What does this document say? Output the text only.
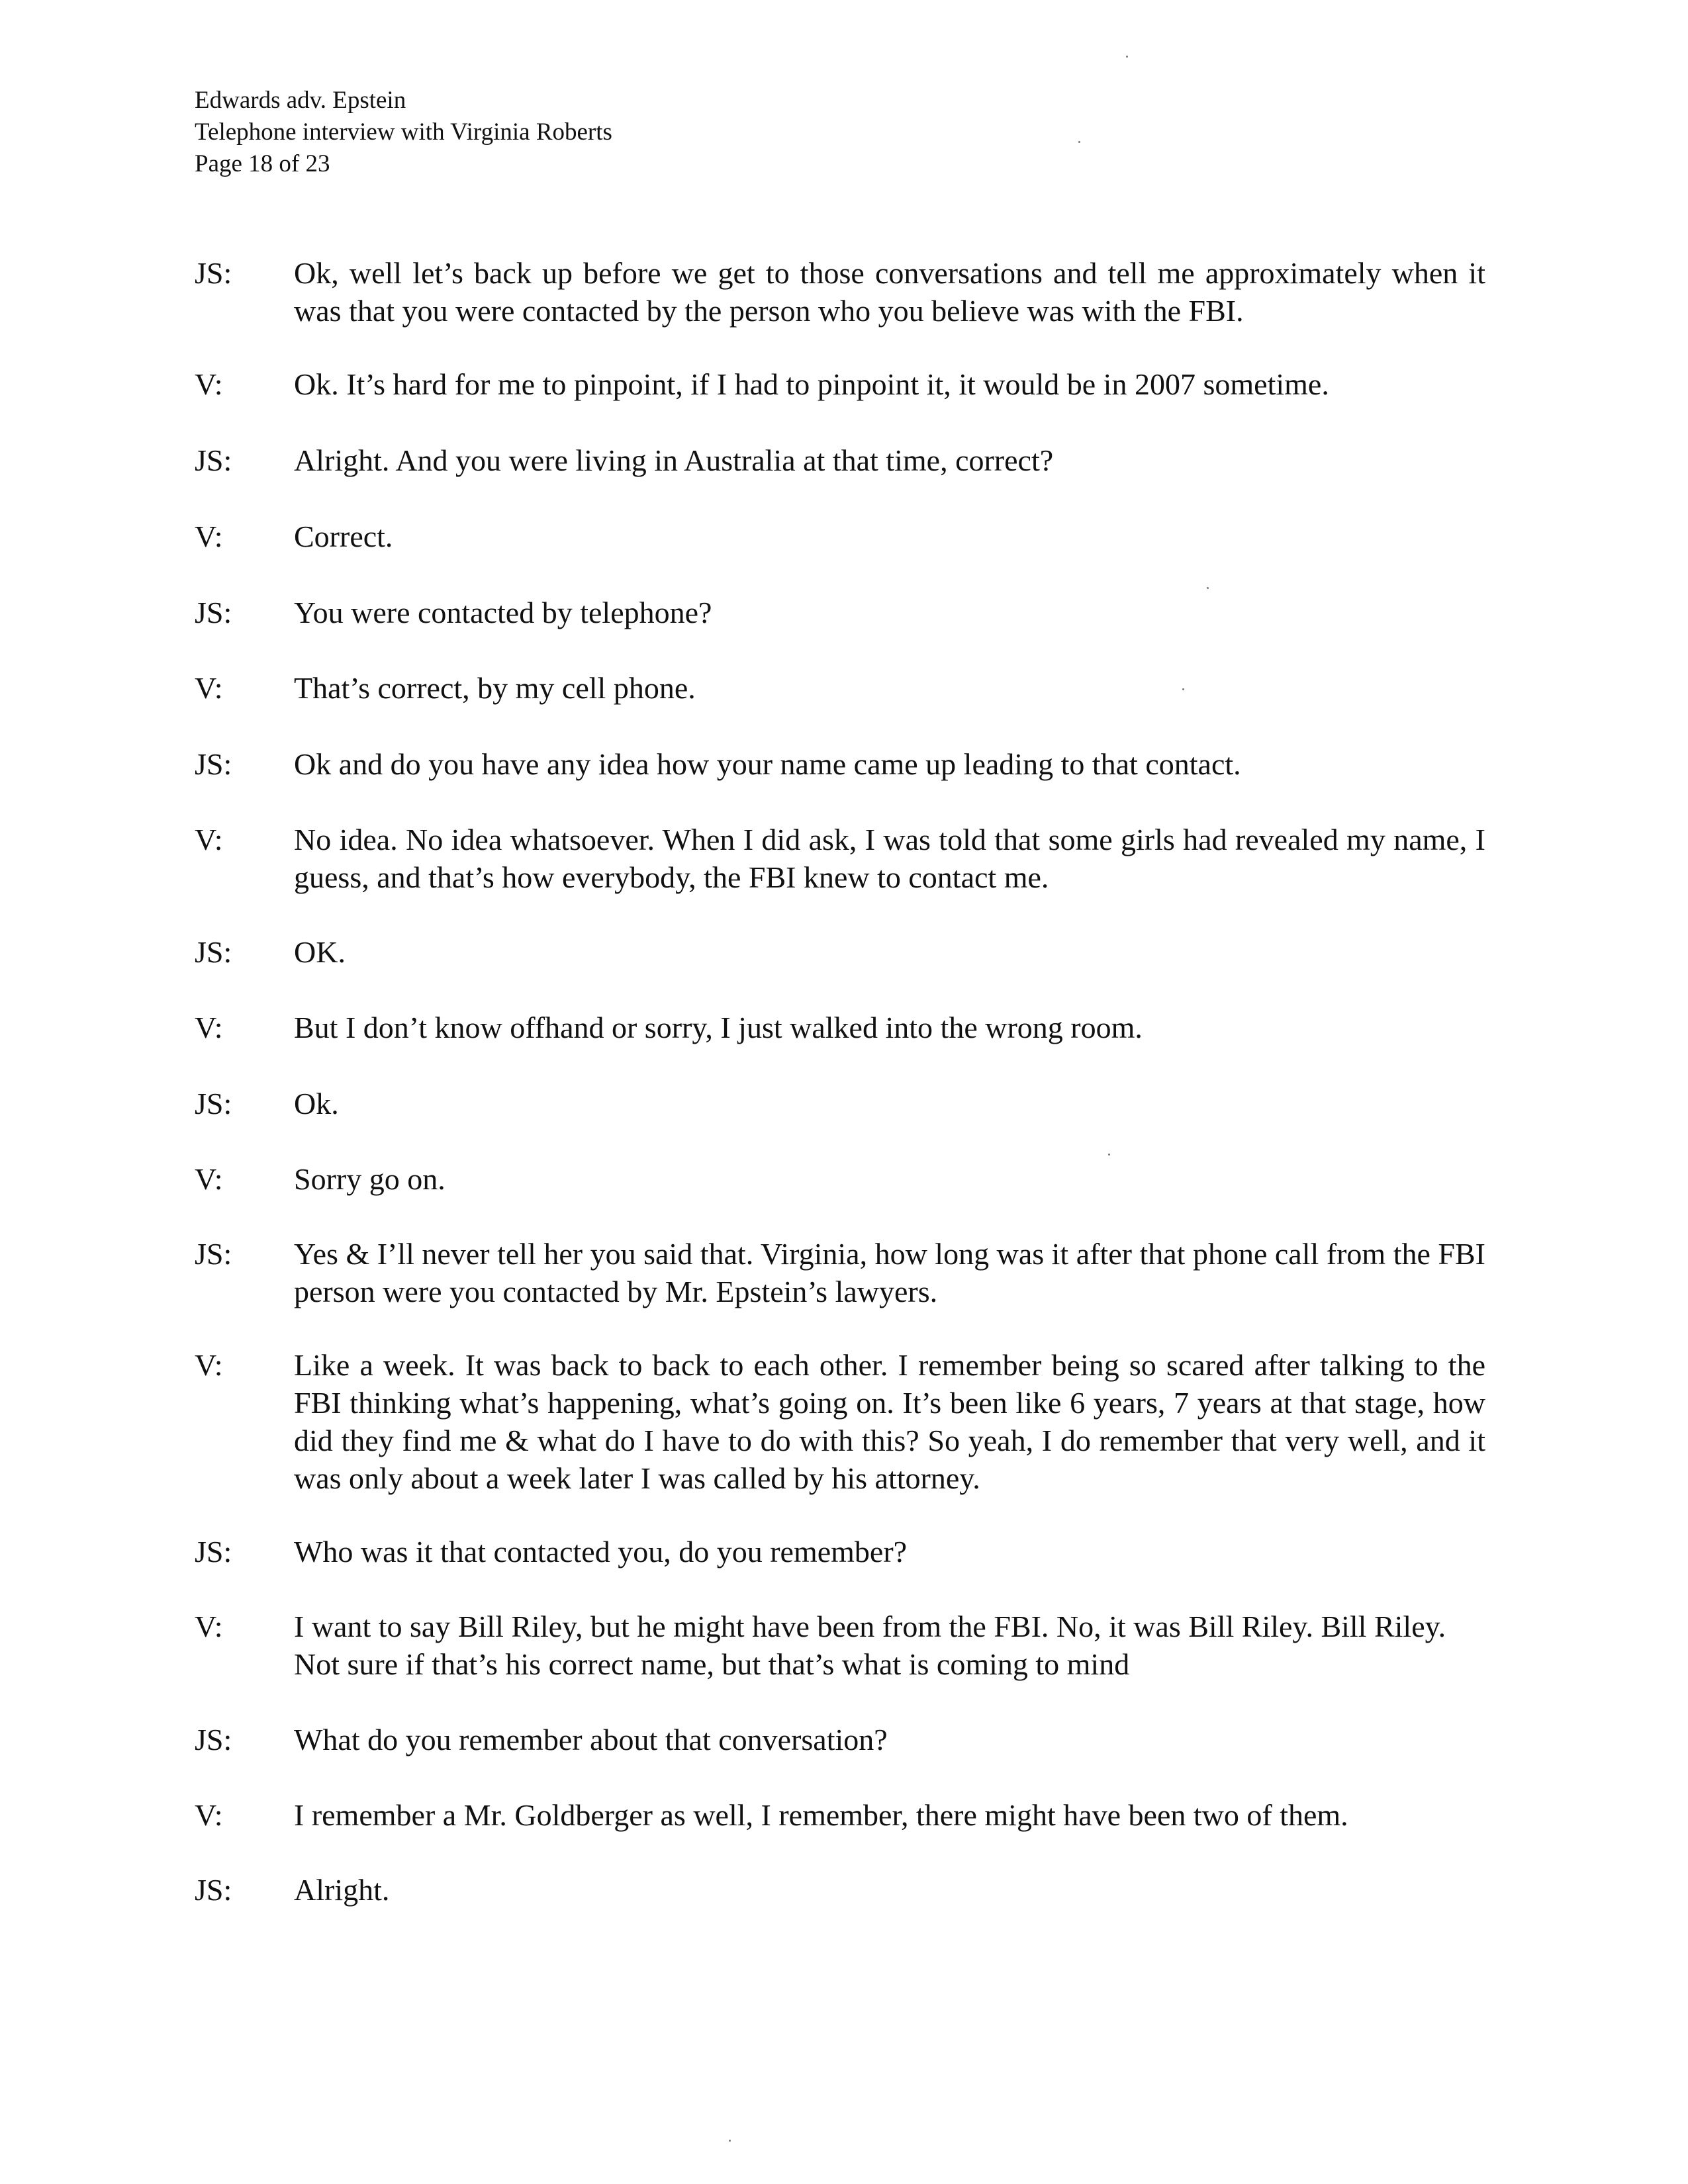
Edwards adv. Epstein
Telephone interview with Virginia Roberts
Page 18 of 23
JS:	Ok, well let’s back up before we get to those conversations and tell me approximately when it was that you were contacted by the person who you believe was with the FBI.
V:	Ok. It’s hard for me to pinpoint, if I had to pinpoint it, it would be in 2007 sometime.
JS:	Alright. And you were living in Australia at that time, correct?
V:	Correct.
JS:	You were contacted by telephone?
V:	That’s correct, by my cell phone.
JS:	Ok and do you have any idea how your name came up leading to that contact.
V:	No idea. No idea whatsoever. When I did ask, I was told that some girls had revealed my name, I guess, and that’s how everybody, the FBI knew to contact me.
JS:	OK.
V:	But I don’t know offhand or sorry, I just walked into the wrong room.
JS:	Ok.
V:	Sorry go on.
JS:	Yes & I’ll never tell her you said that. Virginia, how long was it after that phone call from the FBI person were you contacted by Mr. Epstein’s lawyers.
V:	Like a week. It was back to back to each other. I remember being so scared after talking to the FBI thinking what’s happening, what’s going on. It’s been like 6 years, 7 years at that stage, how did they find me & what do I have to do with this? So yeah, I do remember that very well, and it was only about a week later I was called by his attorney.
JS:	Who was it that contacted you, do you remember?
V:	I want to say Bill Riley, but he might have been from the FBI. No, it was Bill Riley. Bill Riley. Not sure if that’s his correct name, but that’s what is coming to mind
JS:	What do you remember about that conversation?
V:	I remember a Mr. Goldberger as well, I remember, there might have been two of them.
JS:	Alright.
